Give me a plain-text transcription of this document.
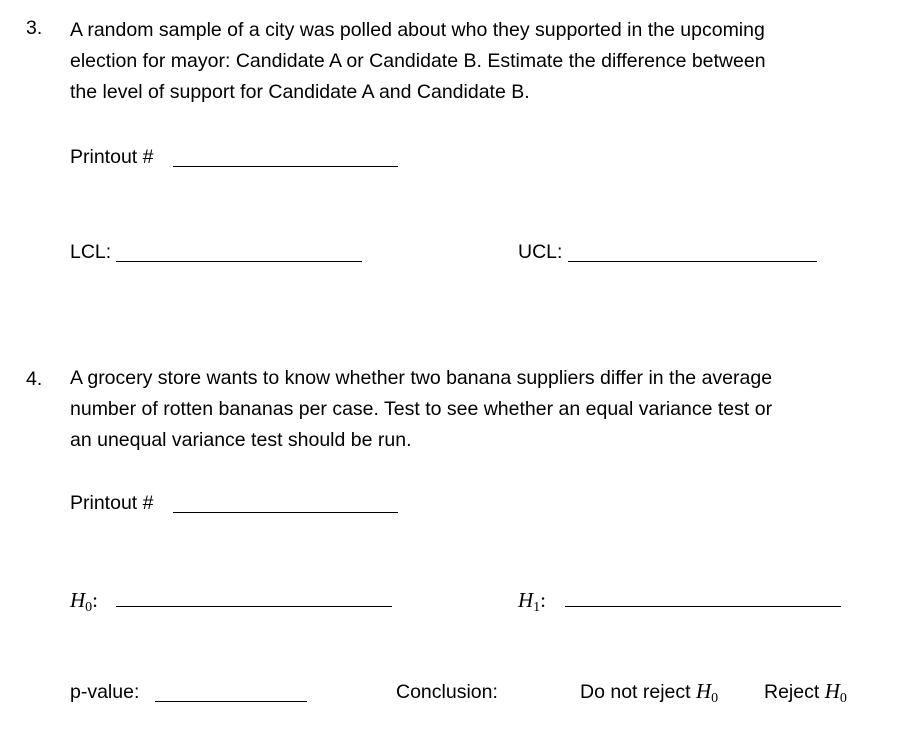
3. A random sample of a city was polled about who they supported in the upcoming
election for mayor: Candidate A or Candidate B. Estimate the difference between
the level of support for Candidate A and Candidate B.
Printout #
LCL:	UCL:
4. A grocery store wants to know whether two banana suppliers differ in the average
number of rotten bananas per case. Test to see whether an equal variance test or
an unequal variance test should be run.
Printout #
$H_0$:	$H_1$:
p-value:	Conclusion:	Do not reject $H_0$ Reject $H_0$
